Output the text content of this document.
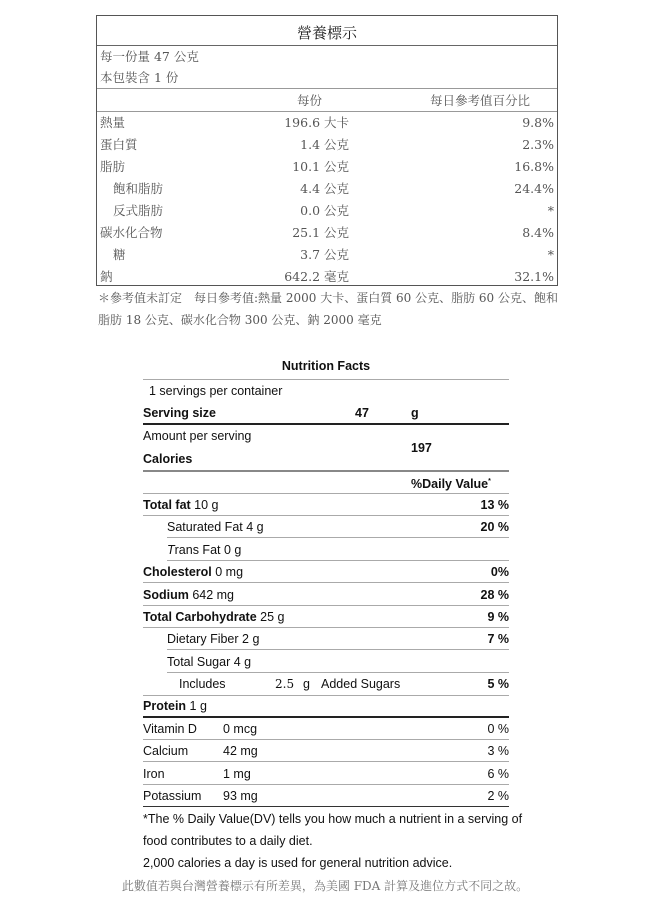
營養標示
每一份量 47 公克
本包裝含 1 份
每份	每日參考值百分比
熱量	196.6 大卡	9.8%
蛋白質	1.4 公克	2.3%
脂肪	10.1 公克	16.8%
飽和脂肪	4.4 公克	24.4%
反式脂肪	0.0 公克	*
碳水化合物	25.1 公克	8.4%
糖	3.7 公克	*
鈉	642.2 毫克	32.1%
＊參考值未訂定　每日參考值:熱量 2000 大卡、蛋白質 60 公克、脂肪 60 公克、飽和脂肪 18 公克、碳水化合物 300 公克、鈉 2000 毫克
Nutrition Facts
1 servings per container
Serving size	47	g
Amount per serving
197
Calories
%Daily Value*
Total fat 10 g	13 %
Saturated Fat 4 g	20 %
Trans Fat 0 g
Cholesterol 0 mg	0%
Sodium 642 mg	28 %
Total Carbohydrate 25 g	9 %
Dietary Fiber 2 g	7 %
Total Sugar 4 g
Includes	2.5 g Added Sugars	5 %
Protein 1 g
Vitamin D 0 mcg	0 %
Calcium	42 mg	3 %
Iron	1 mg	6 %
Potassium 93 mg	2 %
*The % Daily Value(DV) tells you how much a nutrient in a serving of
food contributes to a daily diet.
2,000 calories a day is used for general nutrition advice.
此數值若與台灣營養標示有所差異，為美國 FDA 計算及進位方式不同之故。
